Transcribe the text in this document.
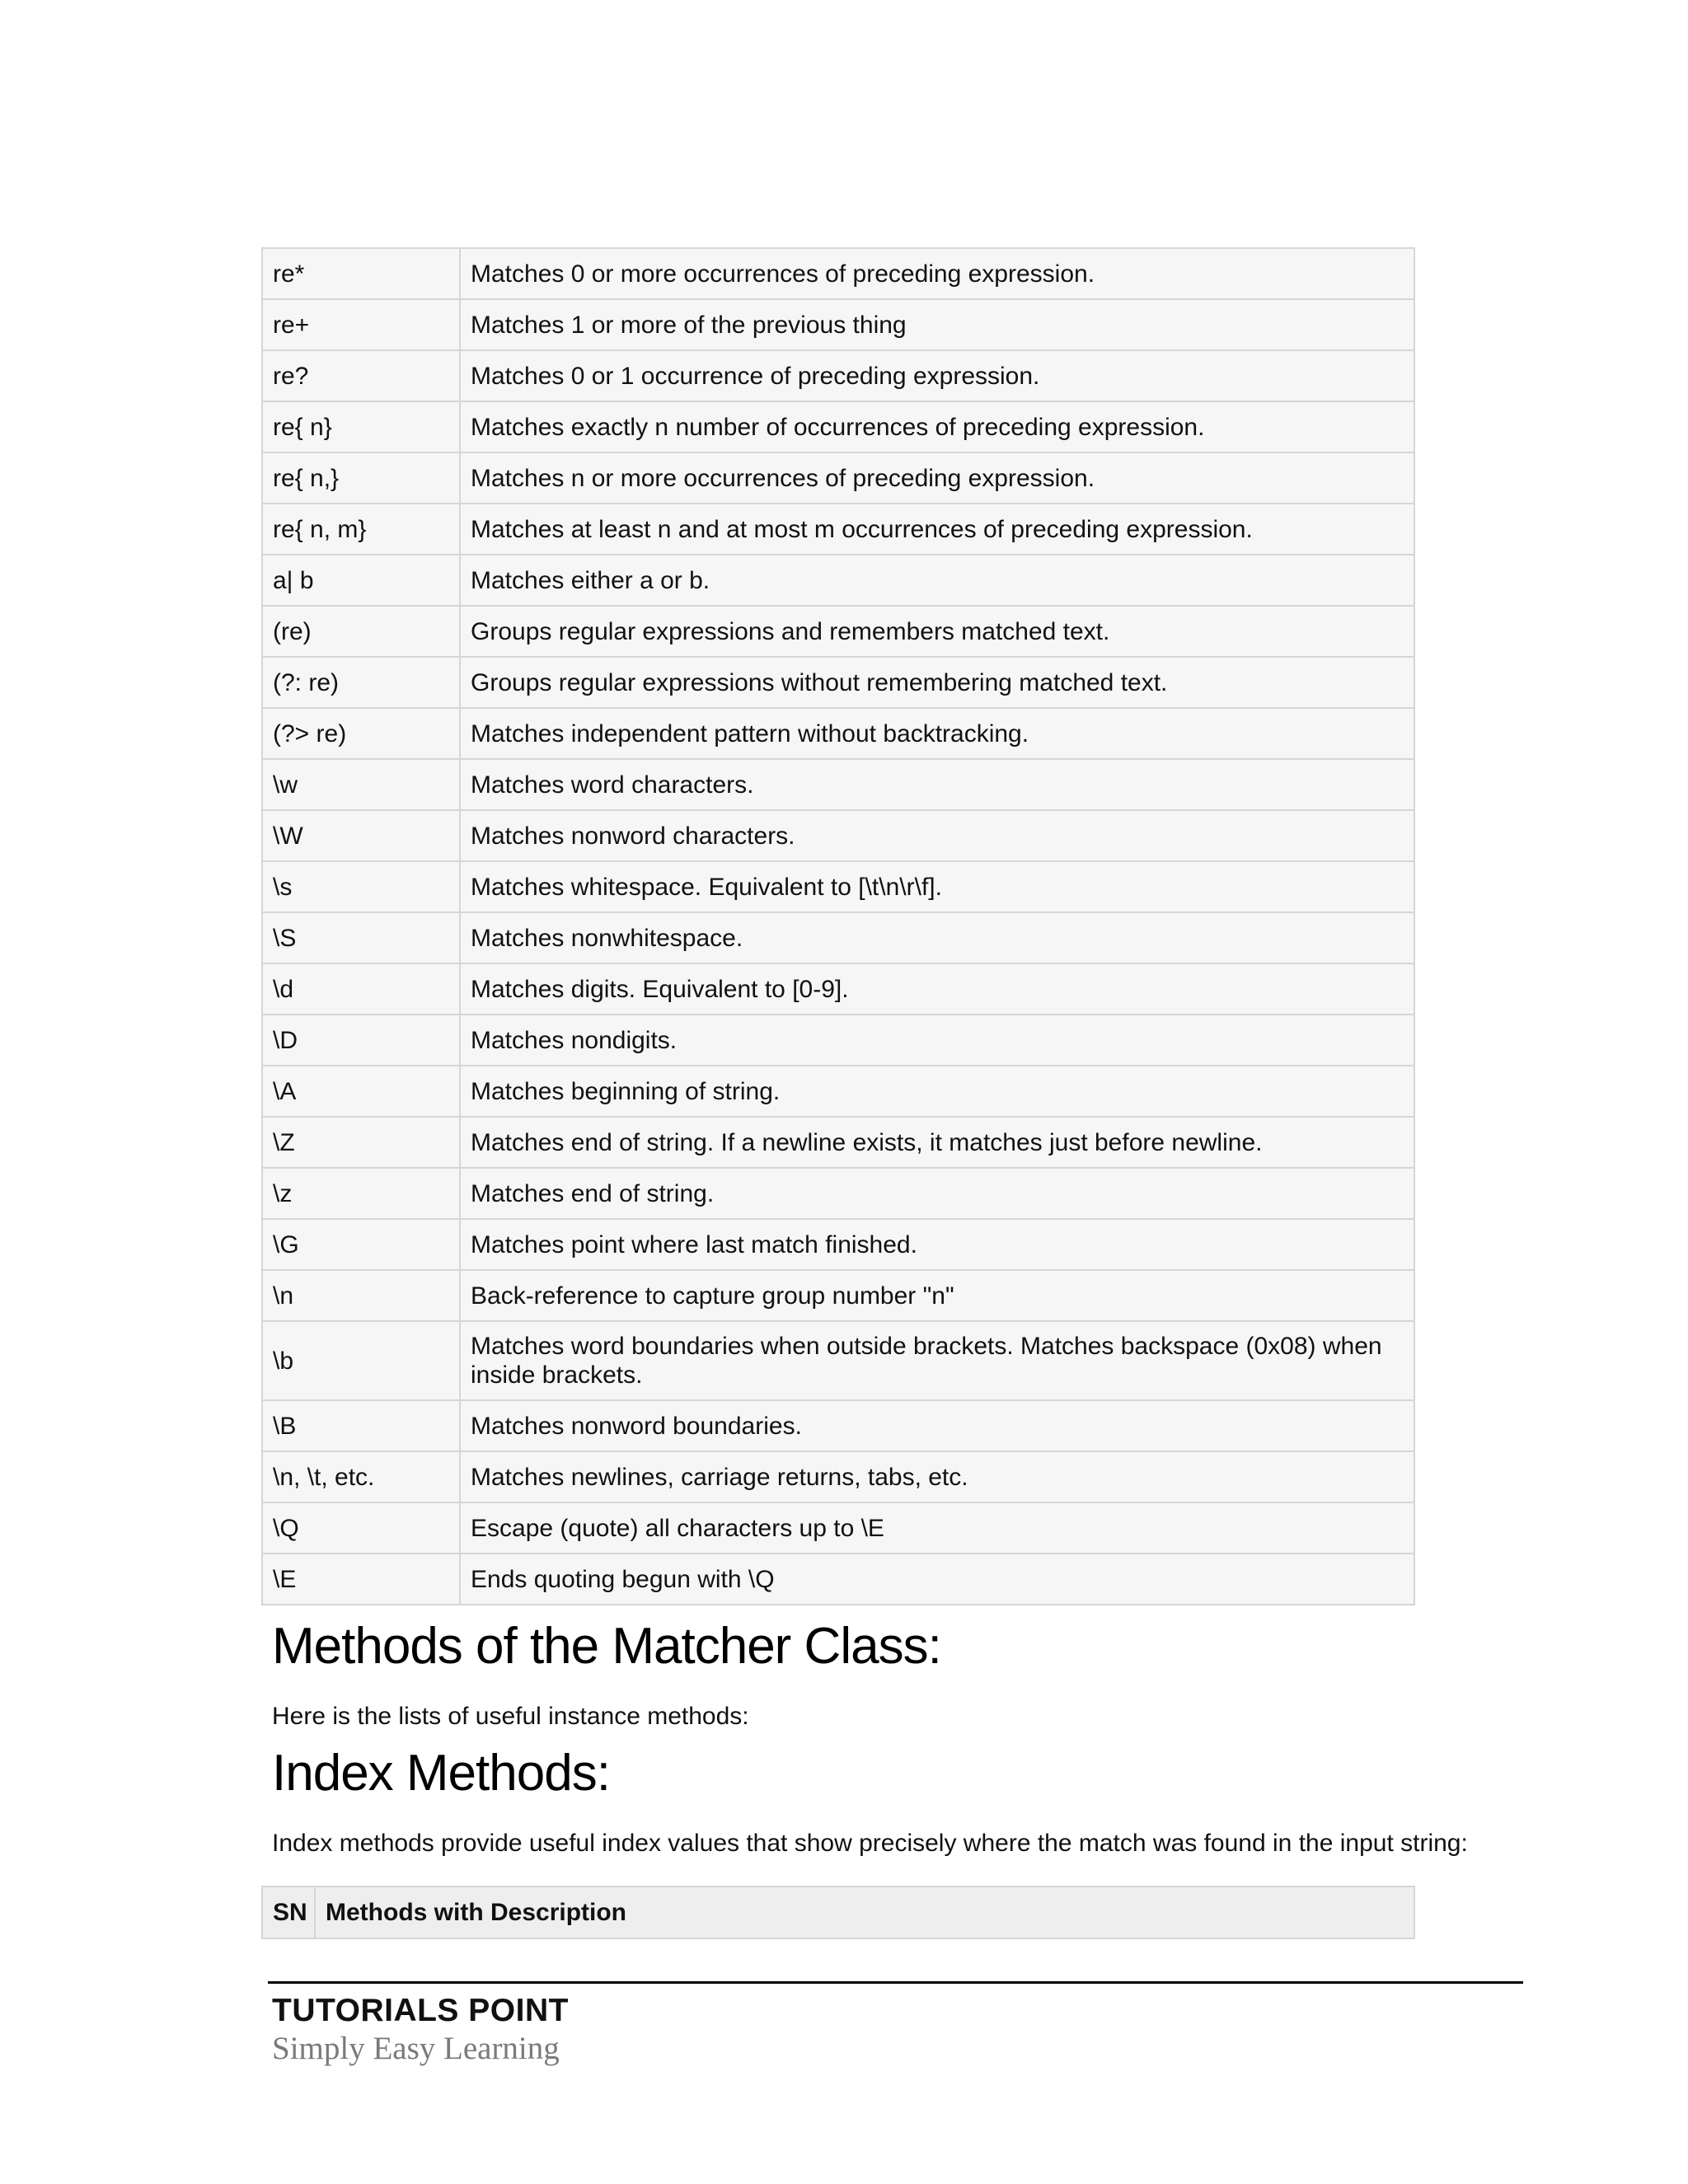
re*	Matches 0 or more occurrences of preceding expression.
re+	Matches 1 or more of the previous thing
re?	Matches 0 or 1 occurrence of preceding expression.
re{ n}	Matches exactly n number of occurrences of preceding expression.
re{ n,}	Matches n or more occurrences of preceding expression.
re{ n, m}	Matches at least n and at most m occurrences of preceding expression.
a| b	Matches either a or b.
(re)	Groups regular expressions and remembers matched text.
(?: re)	Groups regular expressions without remembering matched text.
(?> re)	Matches independent pattern without backtracking.
\w	Matches word characters.
\W	Matches nonword characters.
\s	Matches whitespace. Equivalent to [\t\n\r\f].
\S	Matches nonwhitespace.
\d	Matches digits. Equivalent to [0-9].
\D	Matches nondigits.
\A	Matches beginning of string.
\Z	Matches end of string. If a newline exists, it matches just before newline.
\z	Matches end of string.
\G	Matches point where last match finished.
\n	Back-reference to capture group number "n"
\b	Matches word boundaries when outside brackets. Matches backspace (0x08) when inside brackets.
\B	Matches nonword boundaries.
\n, \t, etc.	Matches newlines, carriage returns, tabs, etc.
\Q	Escape (quote) all characters up to \E
\E	Ends quoting begun with \Q
Methods of the Matcher Class:

Here is the lists of useful instance methods:

Index Methods:

Index methods provide useful index values that show precisely where the match was found in the input string:

SN	Methods with Description
TUTORIALS POINT
Simply Easy Learning
